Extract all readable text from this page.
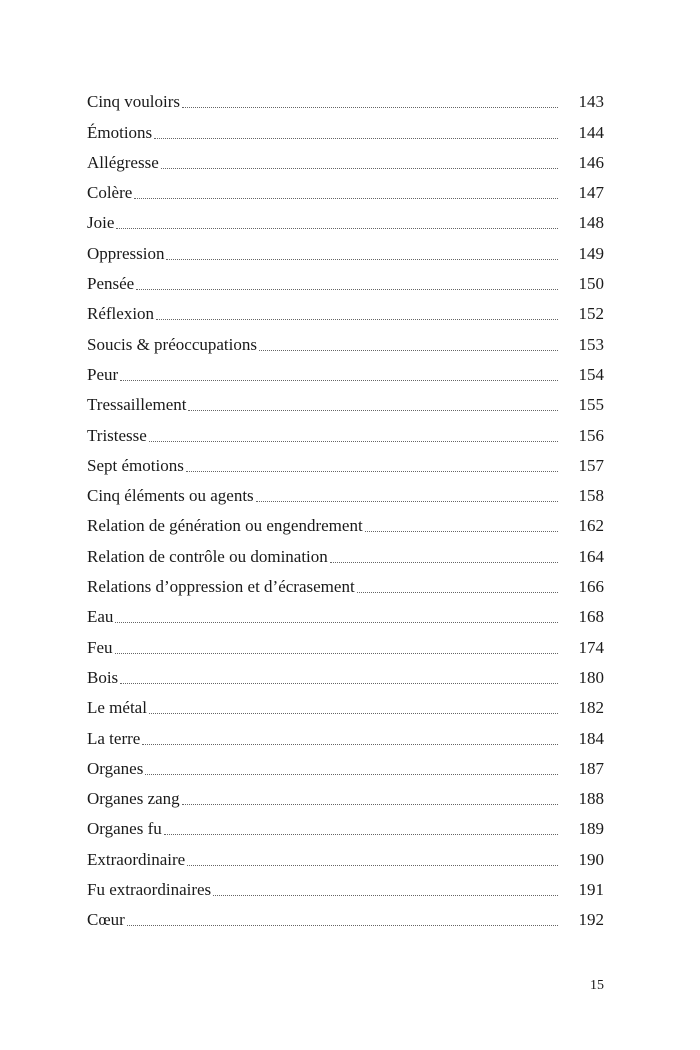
Cinq vouloirs	143
Émotions	144
Allégresse	146
Colère	147
Joie	148
Oppression	149
Pensée	150
Réflexion	152
Soucis & préoccupations	153
Peur	154
Tressaillement	155
Tristesse	156
Sept émotions	157
Cinq éléments ou agents	158
Relation de génération ou engendrement	162
Relation de contrôle ou domination	164
Relations d’oppression et d’écrasement	166
Eau	168
Feu	174
Bois	180
Le métal	182
La terre	184
Organes	187
Organes zang	188
Organes fu	189
Extraordinaire	190
Fu extraordinaires	191
Cœur	192
15
